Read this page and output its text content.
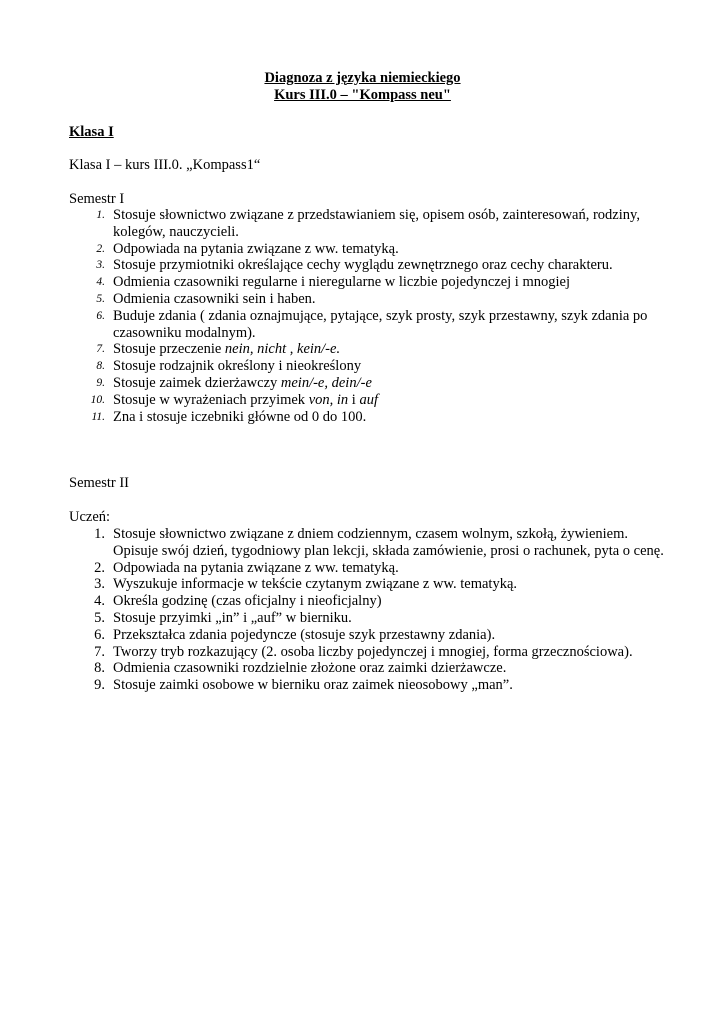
Diagnoza z języka niemieckiego
Kurs III.0 – "Kompass neu"
Klasa I

Klasa I – kurs III.0. „Kompass1“

Semestr I

1. Stosuje słownictwo związane z przedstawianiem się, opisem osób, zainteresowań, rodziny, kolegów, nauczycieli.
2. Odpowiada na pytania związane z ww. tematyką.
3. Stosuje przymiotniki określające cechy wyglądu zewnętrznego oraz cechy charakteru.
4. Odmienia czasowniki regularne i nieregularne w liczbie pojedynczej i mnogiej
5. Odmienia czasowniki sein i haben.
6. Buduje zdania ( zdania oznajmujące, pytające, szyk prosty, szyk przestawny, szyk zdania po czasowniku modalnym).
7. Stosuje przeczenie nein, nicht , kein/-e.
8. Stosuje rodzajnik określony i nieokreślony
9. Stosuje zaimek dzierżawczy mein/-e, dein/-e
10. Stosuje w wyrażeniach przyimek von, in i auf
11. Zna i stosuje iczebniki główne od 0 do 100.

Semestr II

Uczeń:

1. Stosuje słownictwo związane z dniem codziennym, czasem wolnym, szkołą, żywieniem. Opisuje swój dzień, tygodniowy plan lekcji, składa zamówienie, prosi o rachunek, pyta o cenę.
2. Odpowiada na pytania związane z ww. tematyką.
3. Wyszukuje informacje w tekście czytanym związane z ww. tematyką.
4. Określa godzinę (czas oficjalny i nieoficjalny)
5. Stosuje przyimki „in” i „auf” w bierniku.
6. Przekształca zdania pojedyncze (stosuje szyk przestawny zdania).
7. Tworzy tryb rozkazujący (2. osoba liczby pojedynczej i mnogiej, forma grzecznościowa).
8. Odmienia czasowniki rozdzielnie złożone oraz zaimki dzierżawcze.
9. Stosuje zaimki osobowe w bierniku oraz zaimek nieosobowy „man”.
